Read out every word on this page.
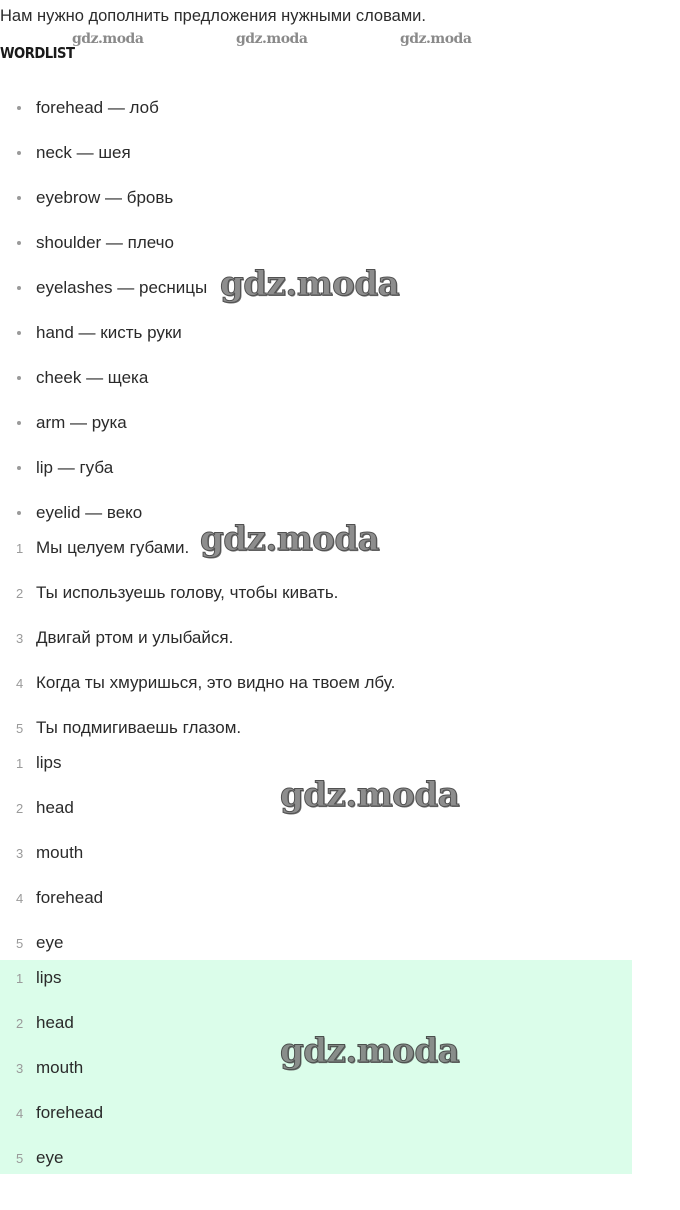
Нам нужно дополнить предложения нужными словами.
WORDLIST
forehead — лоб
neck — шея
eyebrow — бровь
shoulder — плечо
eyelashes — ресницы
hand — кисть руки
cheek — щека
arm — рука
lip — губа
eyelid — веко
1 Мы целуем губами.
2 Ты используешь голову, чтобы кивать.
3 Двигай ртом и улыбайся.
4 Когда ты хмуришься, это видно на твоем лбу.
5 Ты подмигиваешь глазом.
1 lips
2 head
3 mouth
4 forehead
5 eye
1 lips
2 head
3 mouth
4 forehead
5 eye
gdz.moda	gdz.moda	gdz.moda
gdz.moda
gdz.moda
gdz.moda
gdz.moda
